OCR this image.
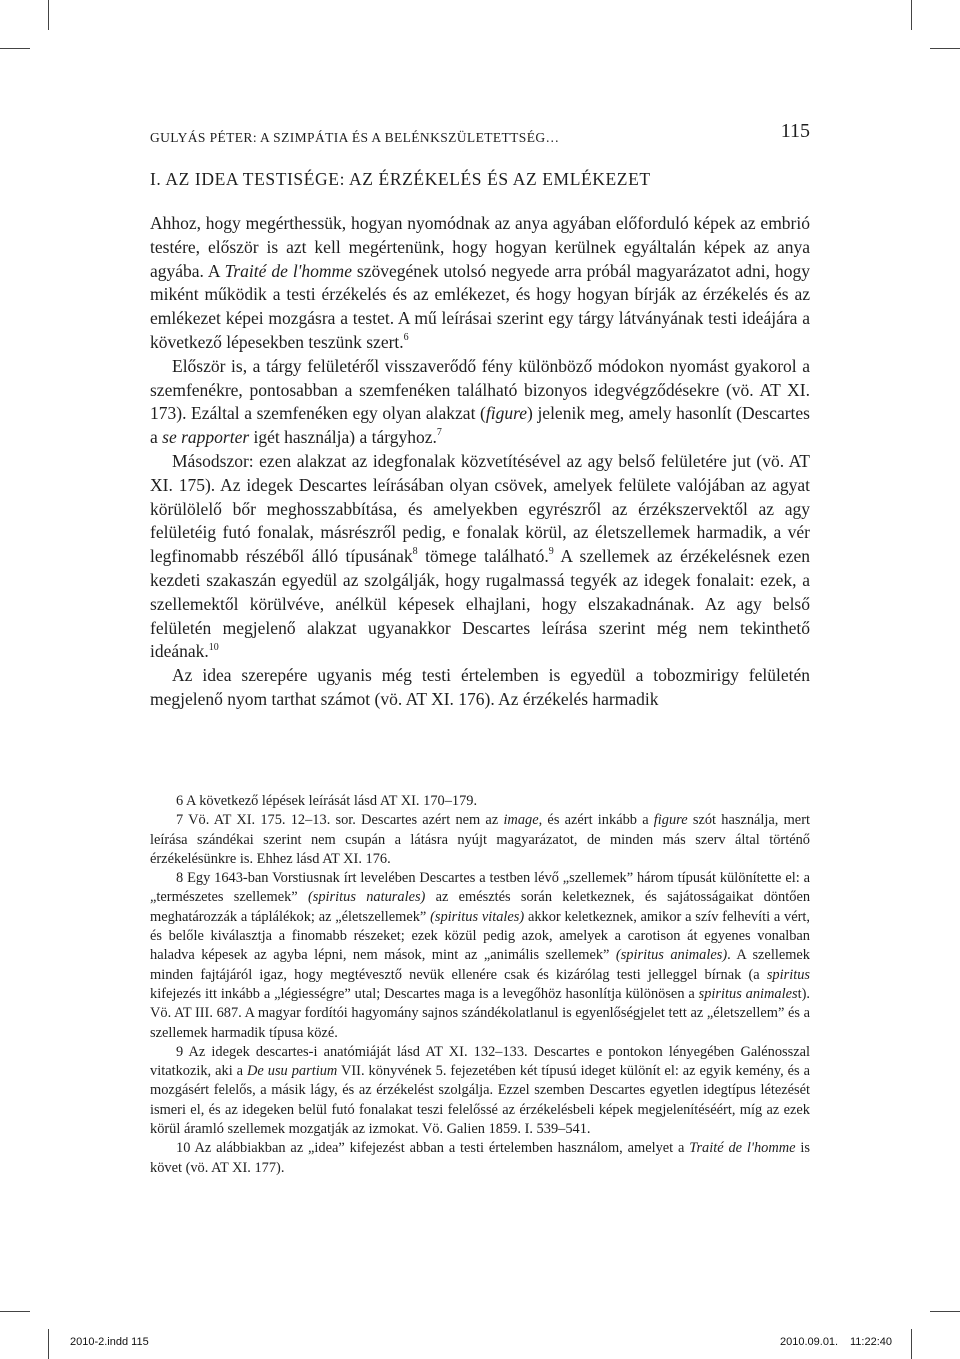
GULYÁS PÉTER: A SZIMPÁTIA ÉS A BELÉNKSZÜLETETTSÉG…	115
I. AZ IDEA TESTISÉGE: AZ ÉRZÉKELÉS ÉS AZ EMLÉKEZET

Ahhoz, hogy megérthessük, hogyan nyomódnak az anya agyában előforduló képek az embrió testére, először is azt kell megértenünk, hogy hogyan kerülnek egyáltalán képek az anya agyába. A Traité de l'homme szövegének utolsó negyede arra próbál magyarázatot adni, hogy miként működik a testi érzékelés és az emlékezet, és hogy hogyan bírják az érzékelés és az emlékezet képei mozgásra a testet. A mű leírásai szerint egy tárgy látványának testi ideájára a következő lépesekben teszünk szert.$^6$

Először is, a tárgy felületéről visszaverődő fény különböző módokon nyomást gyakorol a szemfenékre, pontosabban a szemfenéken található bizonyos idegvégződésekre (vö. AT XI. 173). Ezáltal a szemfenéken egy olyan alakzat (figure) jelenik meg, amely hasonlít (Descartes a se rapporter igét használja) a tárgyhoz.$^7$

Másodszor: ezen alakzat az idegfonalak közvetítésével az agy belső felületére jut (vö. AT XI. 175). Az idegek Descartes leírásában olyan csövek, amelyek felülete valójában az agyat körülölelő bőr meghosszabbítása, és amelyekben egyrészről az érzékszervektől az agy felületéig futó fonalak, másrészről pedig, e fonalak körül, az életszellemek harmadik, a vér legfinomabb részéből álló típusának$^8$ tömege található.$^9$ A szellemek az érzékelésnek ezen kezdeti szakaszán egyedül az szolgálják, hogy rugalmassá tegyék az idegek fonalait: ezek, a szellemektől körülvéve, anélkül képesek elhajlani, hogy elszakadnának. Az agy belső felületén megjelenő alakzat ugyanakkor Descartes leírása szerint még nem tekinthető ideának.$^{10}$

Az idea szerepére ugyanis még testi értelemben is egyedül a tobozmirigy felületén megjelenő nyom tarthat számot (vö. AT XI. 176). Az érzékelés harmadik

6 A következő lépések leírását lásd AT XI. 170–179.

7 Vö. AT XI. 175. 12–13. sor. Descartes azért nem az image, és azért inkább a figure szót használja, mert leírása szándékai szerint nem csupán a látásra nyújt magyarázatot, de minden más szerv által történő érzékelésünkre is. Ehhez lásd AT XI. 176.

8 Egy 1643-ban Vorstiusnak írt levelében Descartes a testben lévő „szellemek” három típusát különítette el: a „természetes szellemek” (spiritus naturales) az emésztés során keletkeznek, és sajátosságaikat döntően meghatározzák a táplálékok; az „életszellemek” (spiritus vitales) akkor keletkeznek, amikor a szív felhevíti a vért, és belőle kiválasztja a finomabb részeket; ezek közül pedig azok, amelyek a carotison át egyenes vonalban haladva képesek az agyba lépni, nem mások, mint az „animális szellemek” (spiritus animales). A szellemek minden fajtájáról igaz, hogy megtévesztő nevük ellenére csak és kizárólag testi jelleggel bírnak (a spiritus kifejezés itt inkább a „légiességre” utal; Descartes maga is a levegőhöz hasonlítja különösen a spiritus animalest). Vö. AT III. 687. A magyar fordítói hagyomány sajnos szándékolatlanul is egyenlőségjelet tett az „életszellem” és a szellemek harmadik típusa közé.

9 Az idegek descartes-i anatómiáját lásd AT XI. 132–133. Descartes e pontokon lényegében Galénosszal vitatkozik, aki a De usu partium VII. könyvének 5. fejezetében két típusú ideget különít el: az egyik kemény, és a mozgásért felelős, a másik lágy, és az érzékelést szolgálja. Ezzel szemben Descartes egyetlen idegtípus létezését ismeri el, és az idegeken belül futó fonalakat teszi felelőssé az érzékelésbeli képek megjelenítéséért, míg az ezek körül áramló szellemek mozgatják az izmokat. Vö. Galien 1859. I. 539–541.

10 Az alábbiakban az „idea” kifejezést abban a testi értelemben használom, amelyet a Traité de l'homme is követ (vö. AT XI. 177).

2010-2.indd 115	2010.09.01. 11:22:40
